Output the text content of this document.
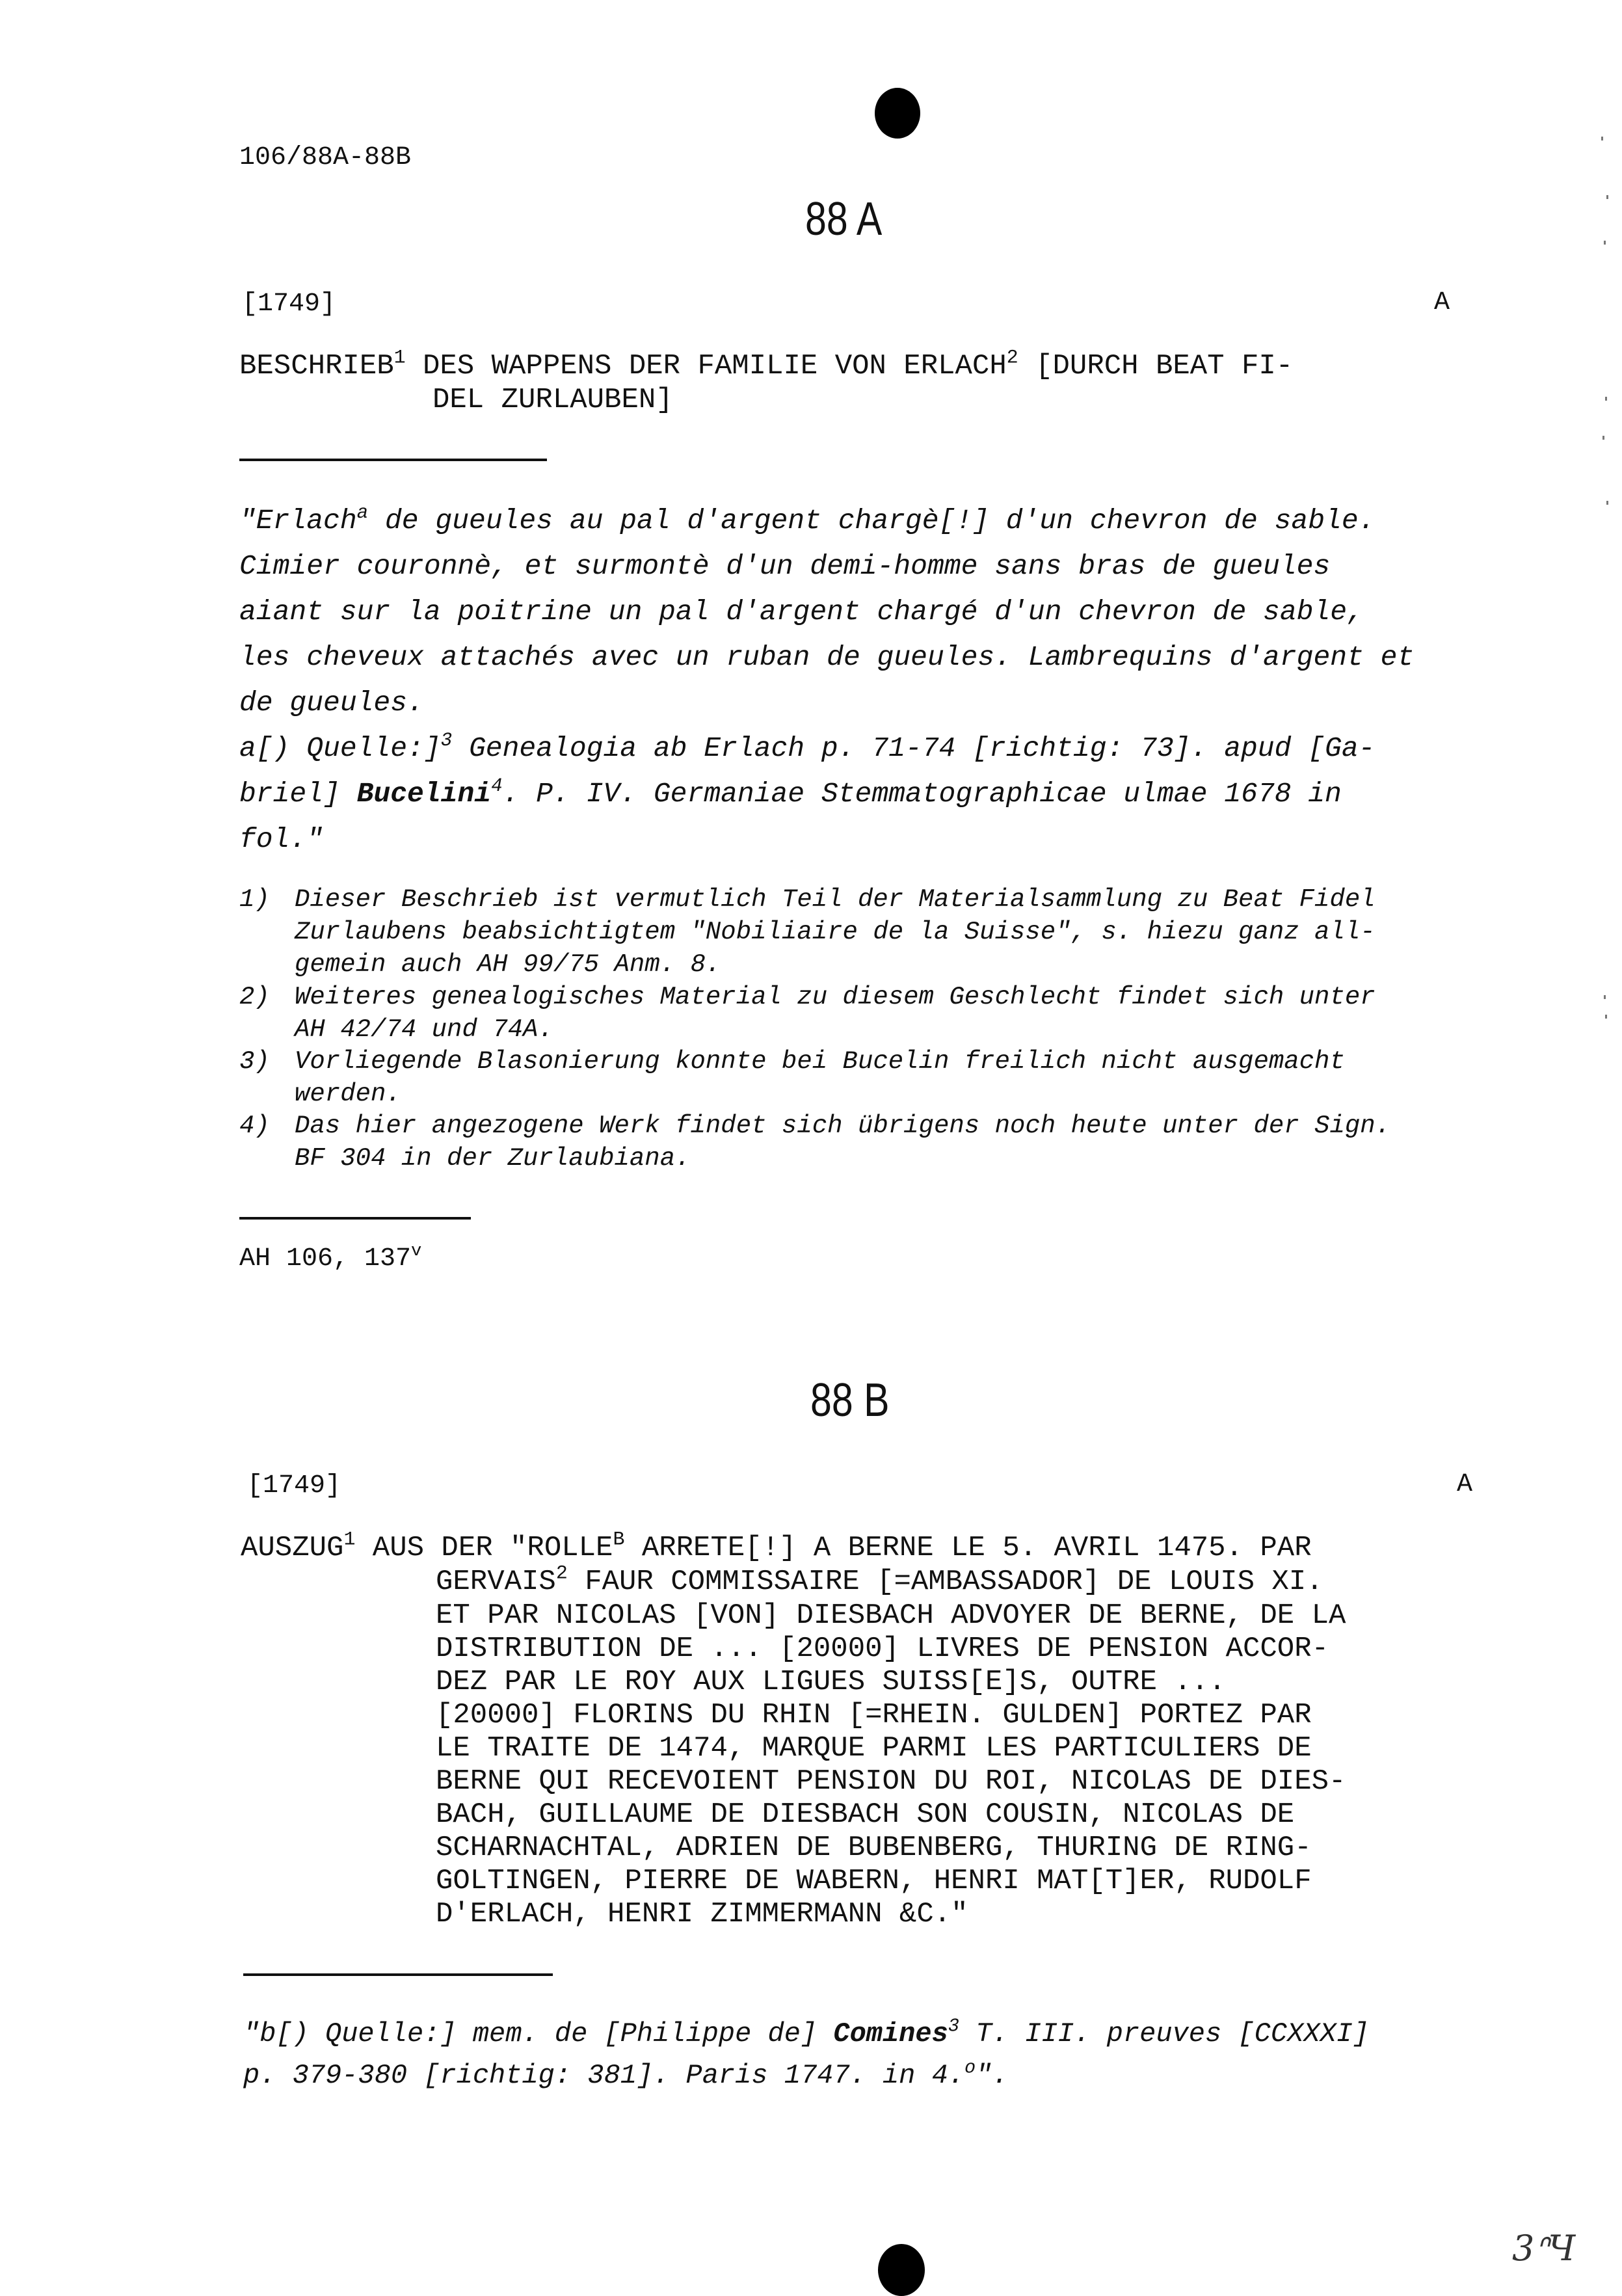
106/88A-88B
88 A
[1749]	A
BESCHRIEB$^1$ DES WAPPENS DER FAMILIE VON ERLACH$^2$ [DURCH BEAT FI-
DEL ZURLAUBEN]
"Erlach$^a$ de gueules au pal d'argent chargè[!] d'un chevron de sable.
Cimier couronnè, et surmontè d'un demi-homme sans bras de gueules
aiant sur la poitrine un pal d'argent chargé d'un chevron de sable,
les cheveux attachés avec un ruban de gueules. Lambrequins d'argent et
de gueules.
a[) Quelle:]$^3$ Genealogia ab Erlach p. 71-74 [richtig: 73]. apud [Ga-
briel] Bucelini$^4$. P. IV. Germaniae Stemmatographicae ulmae 1678 in
fol."
1) Dieser Beschrieb ist vermutlich Teil der Materialsammlung zu Beat Fidel
Zurlaubens beabsichtigtem "Nobiliaire de la Suisse", s. hiezu ganz all-
gemein auch AH 99/75 Anm. 8.
2) Weiteres genealogisches Material zu diesem Geschlecht findet sich unter
AH 42/74 und 74A.
3) Vorliegende Blasonierung konnte bei Bucelin freilich nicht ausgemacht
werden.
4) Das hier angezogene Werk findet sich übrigens noch heute unter der Sign.
BF 304 in der Zurlaubiana.
AH 106, 137$^v$
88 B
[1749]	A
AUSZUG$^1$ AUS DER "$ROLLE^B$ ARRETE[!] A BERNE LE 5. AVRIL 1475. PAR
GERVAIS$^2$ FAUR COMMISSAIRE [=AMBASSADOR] DE LOUIS XI.
ET PAR NICOLAS [VON] DIESBACH ADVOYER DE BERNE, DE LA
DISTRIBUTION DE ... [20000] LIVRES DE PENSION ACCOR-
DEZ PAR LE ROY AUX LIGUES SUISS[E]S, OUTRE ...
[20000] FLORINS DU RHIN [=RHEIN. GULDEN] PORTEZ PAR
LE TRAITE DE 1474, MARQUE PARMI LES PARTICULIERS DE
BERNE QUI RECEVOIENT PENSION DU ROI, NICOLAS DE DIES-
BACH, GUILLAUME DE DIESBACH SON COUSIN, NICOLAS DE
SCHARNACHTAL, ADRIEN DE BUBENBERG, THURING DE RING-
GOLTINGEN, PIERRE DE WABERN, HENRI MAT[T]ER, RUDOLF
D'ERLACH, HENRI ZIMMERMANN &C."
"b[) Quelle:] mem. de [Philippe de] Comines$^3$ T. III. preuves [CCXXXI]
p. 379-380 [richtig: 381]. Paris 1747. in 4.$^o$".
3ᐢЧ
